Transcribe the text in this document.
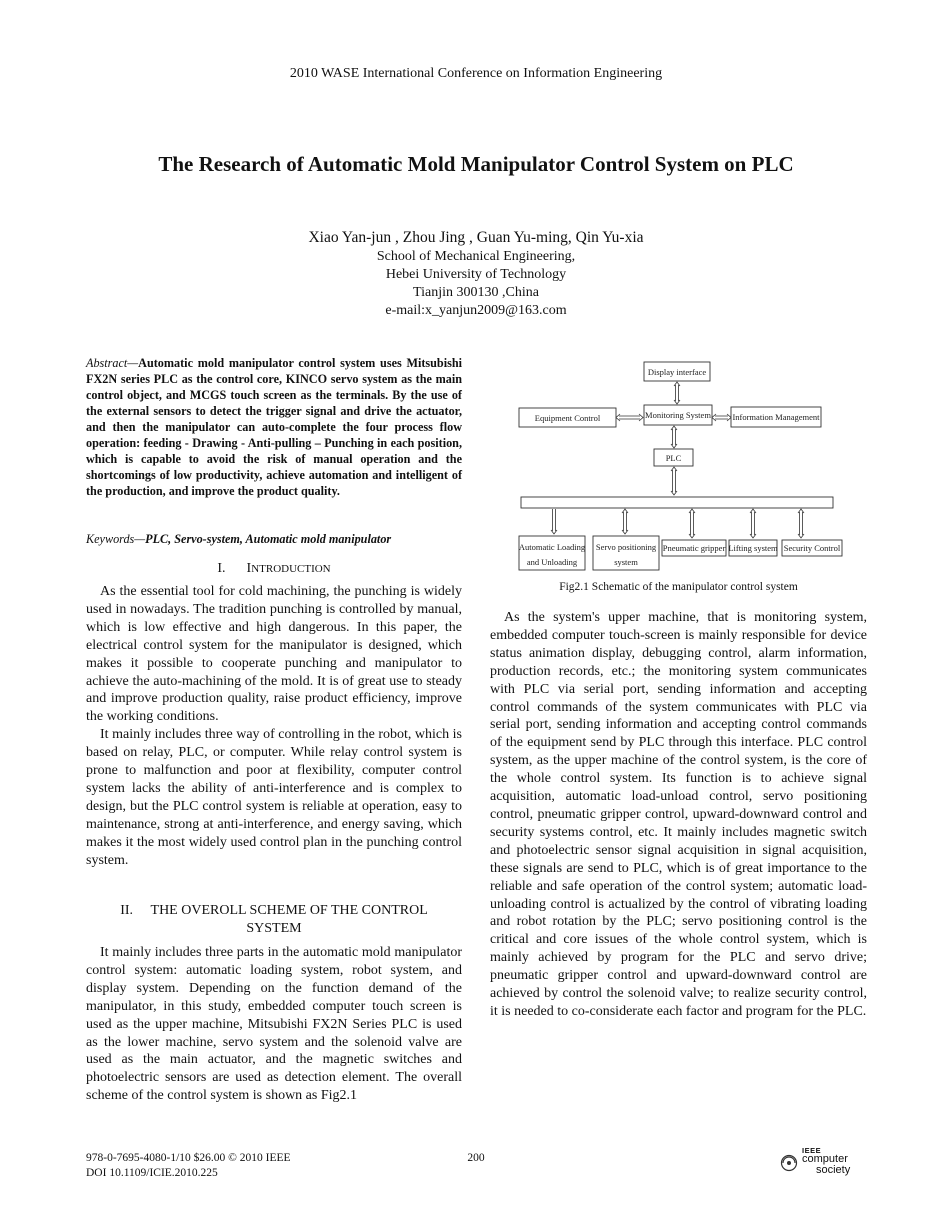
2010 WASE International Conference on Information Engineering
The Research of Automatic Mold Manipulator Control System on PLC
Xiao Yan-jun , Zhou Jing , Guan Yu-ming, Qin Yu-xia
School of Mechanical Engineering,
Hebei University of Technology
Tianjin 300130 ,China
e-mail:x_yanjun2009@163.com
Abstract—Automatic mold manipulator control system uses Mitsubishi FX2N series PLC as the control core, KINCO servo system as the main control object, and MCGS touch screen as the terminals. By the use of the external sensors to detect the trigger signal and drive the actuator, and then the manipulator can auto-complete the four process flow operation: feeding - Drawing - Anti-pulling – Punching in each position, which is capable to avoid the risk of manual operation and the shortcomings of low productivity, achieve automation and intelligent of the production, and improve the product quality.
Keywords—PLC, Servo-system, Automatic mold manipulator
I. INTRODUCTION

As the essential tool for cold machining, the punching is widely used in nowadays. The tradition punching is controlled by manual, which is low effective and high dangerous. In this paper, the electrical control system for the manipulator is designed, which makes it possible to cooperate punching and manipulator to achieve the auto-machining of the mold. It is of great use to steady and improve production quality, raise product efficiency, improve the working conditions.

It mainly includes three way of controlling in the robot, which is based on relay, PLC, or computer. While relay control system is prone to malfunction and poor at flexibility, computer control system lacks the ability of anti-interference and is complex to design, but the PLC control system is reliable at operation, easy to maintenance, strong at anti-interference, and energy saving, which makes it the most widely used control plan in the punching control system.

II. THE OVEROLL SCHEME OF THE CONTROL
SYSTEM

It mainly includes three parts in the automatic mold manipulator control system: automatic loading system, robot system, and display system. Depending on the function demand of the manipulator, in this study, embedded computer touch screen is used as the upper machine, Mitsubishi FX2N Series PLC is used as the lower machine, servo system and the solenoid valve are used as the main actuator, and the magnetic switches and photoelectric sensors are used as detection element. The overall scheme of the control system is shown as Fig2.1

Display interface
Equipment Control	Monitoring System	Information Management
PLC
Automatic Loading
and Unloading
Servo positioning
system
Pneumatic gripper Lifting system Security Control
Fig2.1 Schematic of the manipulator control system

As the system's upper machine, that is monitoring system, embedded computer touch-screen is mainly responsible for device status animation display, debugging control, alarm information, production records, etc.; the monitoring system communicates with PLC via serial port, sending information and accepting control commands of the system communicates with PLC via serial port, sending information and accepting control commands of the equipment send by PLC through this interface. PLC control system, as the upper machine of the control system, is the core of the whole control system. Its function is to achieve signal acquisition, automatic load-unload control, servo positioning control, pneumatic gripper control, upward-downward control and security systems control, etc. It mainly includes magnetic switch and photoelectric sensor signal acquisition in signal acquisition, these signals are send to PLC, which is of great importance to the reliable and safe operation of the control system; automatic load-unloading control is actualized by the control of vibrating loading and robot rotation by the PLC; servo positioning control is the critical and core issues of the whole control system, which is mainly achieved by program for the PLC and servo drive; pneumatic gripper control and upward-downward control are achieved by control the solenoid valve; to realize security control, it is needed to co-considerate each factor and program for the PLC.

978-0-7695-4080-1/10 $26.00 © 2010 IEEE
DOI 10.1109/ICIE.2010.225
200
IEEE
computer
society
